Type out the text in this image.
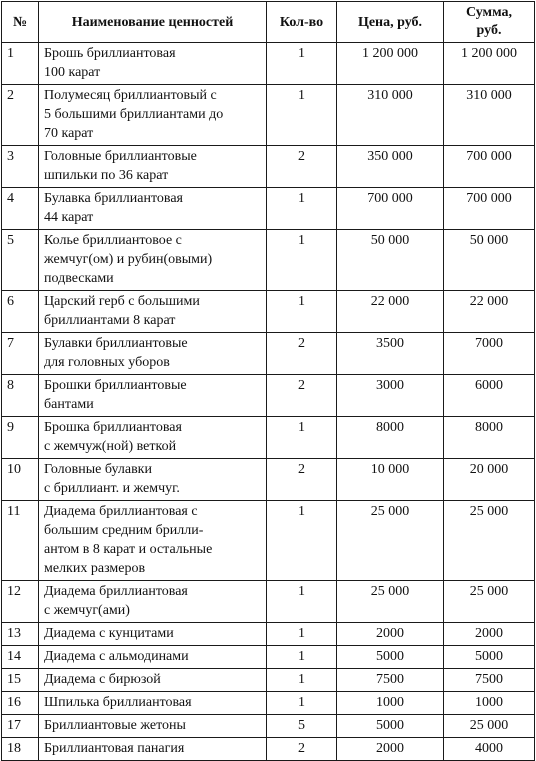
№	Наименование ценностей	Кол-во	Цена, руб.	Сумма,
руб.
1	Брошь бриллиантовая
100 карат	1	1 200 000	1 200 000
2	Полумесяц бриллиантовый с
5 большими бриллиантами до
70 карат	1	310 000	310 000
3	Головные бриллиантовые
шпильки по 36 карат	2	350 000	700 000
4	Булавка бриллиантовая
44 карат	1	700 000	700 000
5	Колье бриллиантовое с
жемчуг(ом) и рубин(овыми)
подвесками	1	50 000	50 000
6	Царский герб с большими
бриллиантами 8 карат	1	22 000	22 000
7	Булавки бриллиантовые
для головных уборов	2	3500	7000
8	Брошки бриллиантовые
бантами	2	3000	6000
9	Брошка бриллиантовая
с жемчуж(ной) веткой	1	8000	8000
10	Головные булавки
с бриллиант. и жемчуг.	2	10 000	20 000
11	Диадема бриллиантовая с
большим средним брилли-
антом в 8 карат и остальные
мелких размеров	1	25 000	25 000
12	Диадема бриллиантовая
с жемчуг(ами)	1	25 000	25 000
13	Диадема с кунцитами	1	2000	2000
14	Диадема с альмодинами	1	5000	5000
15	Диадема с бирюзой	1	7500	7500
16	Шпилька бриллиантовая	1	1000	1000
17	Бриллиантовые жетоны	5	5000	25 000
18	Бриллиантовая панагия	2	2000	4000
